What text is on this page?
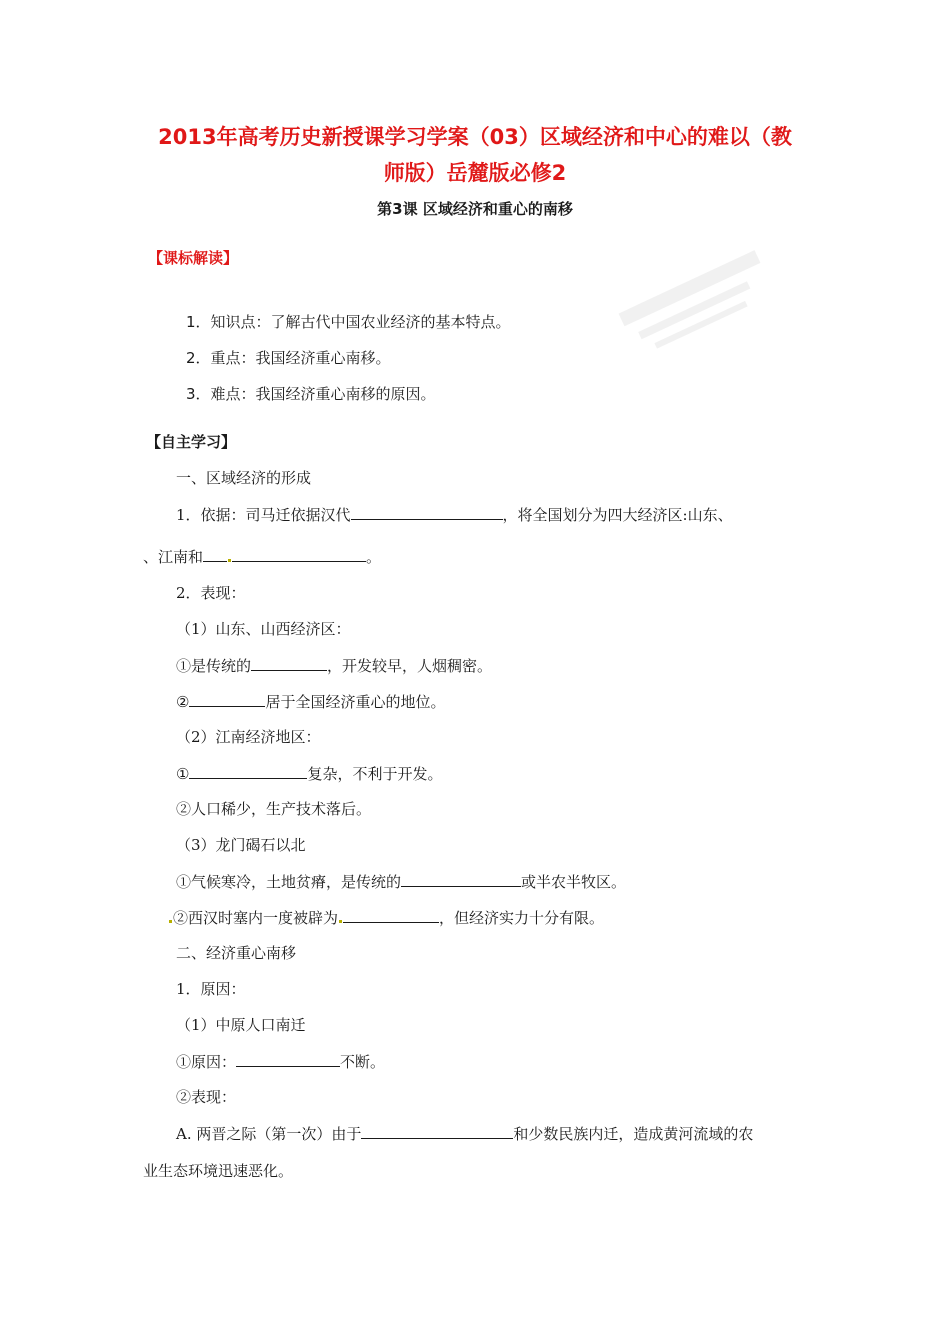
2013年高考历史新授课学习学案（03）区域经济和中心的难以（教
师版）岳麓版必修2
第3课 区域经济和重心的南移
【课标解读】
1．知识点：了解古代中国农业经济的基本特点。
2．重点：我国经济重心南移。
3．难点：我国经济重心南移的原因。
【自主学习】
一、区域经济的形成
1．依据：司马迁依据汉代	，将全国划分为四大经济区:山东、
、江南和	。
2．表现：
（1）山东、山西经济区：
①是传统的	，开发较早，人烟稠密。
②	居于全国经济重心的地位。
（2）江南经济地区：
①	复杂，不利于开发。
②人口稀少，生产技术落后。
（3）龙门碣石以北
①气候寒冷，土地贫瘠，是传统的	或半农半牧区。
②西汉时塞内一度被辟为	，但经济实力十分有限。
二、经济重心南移
1．原因：
（1）中原人口南迁
①原因：	不断。
②表现：
A. 两晋之际（第一次）由于	和少数民族内迁，造成黄河流域的农
业生态环境迅速恶化。
